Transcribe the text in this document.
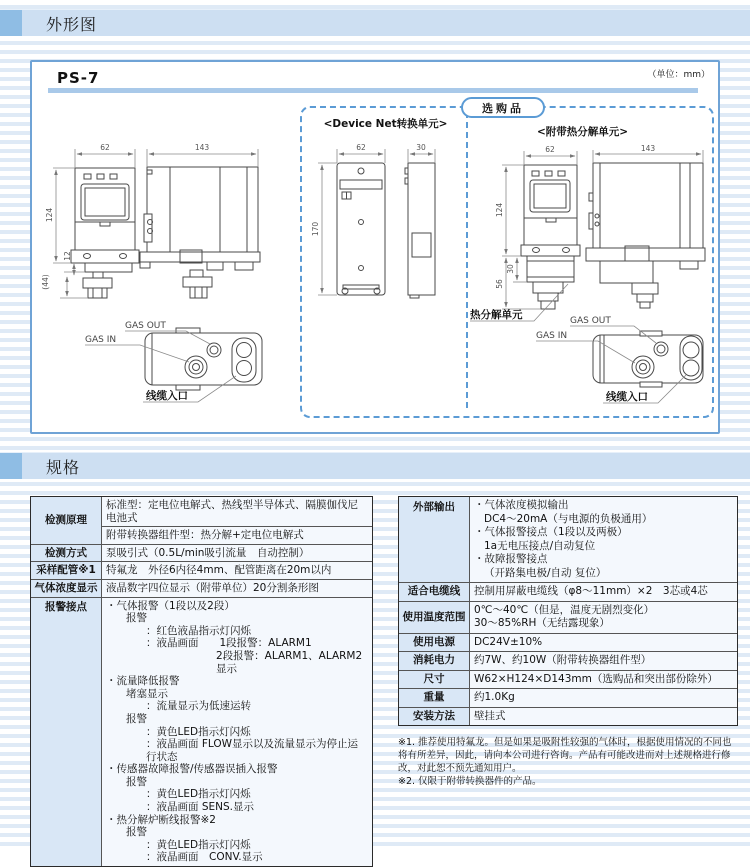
外形图
PS-7	（单位：mm）
选购品
<Device Net转换单元>
<附带热分解单元>
62	143
124
12
(44)
GAS OUT
GAS IN
线缆入口
62	30
170
62	143
124
56
30
热分解单元	GAS OUT
GAS IN
线缆入口
规格
检测原理
标准型：定电位电解式、热线型半导体式、隔膜伽伐尼电池式
附带转换器组件型：热分解+定电位电解式
检测方式	泵吸引式（0.5L/min吸引流量　自动控制）
采样配管※1 特氟龙　外径6内径4mm、配管距离在20m以内
气体浓度显示 液晶数字四位显示（附带单位）20分割条形图
报警接点	・气体报警（1段以及2段）
报警
：红色液晶指示灯闪烁
：液晶画面　　1段报警：ALARM1
2段报警：ALARM1、ALARM2显示
・流量降低报警
堵塞显示
：流量显示为低速运转
报警
：黄色LED指示灯闪烁
：液晶画面 FLOW显示以及流量显示为停止运行状态
・传感器故障报警/传感器误插入报警
报警
：黄色LED指示灯闪烁
：液晶画面 SENS.显示
・热分解炉断线报警※2
报警
：黄色LED指示灯闪烁
：液晶画面　CONV.显示
外部输出	・气体浓度模拟输出
DC4～20mA（与电源的负极通用）
・气体报警接点（1段以及两极）
1a无电压接点/自动复位
・故障报警接点
（开路集电极/自动 复位）
适合电缆线	控制用屏蔽电缆线（φ8～11mm）×2　3芯或4芯
使用温度范围
0℃～40℃（但是，温度无剧烈变化）
30～85%RH（无结露现象）
使用电源	DC24V±10%
消耗电力	约7W、约10W（附带转换器组件型）
尺寸	W62×H124×D143mm（选购品和突出部份除外）
重量	约1.0Kg
安装方法	壁挂式
※1. 推荐使用特氟龙。但是如果是吸附性较强的气体时，根据使用情况的不同也将有所差异，因此，请向本公司进行咨询。产品有可能改进而对上述规格进行修改，对此恕不预先通知用户。
※2. 仅限于附带转换器件的产品。
